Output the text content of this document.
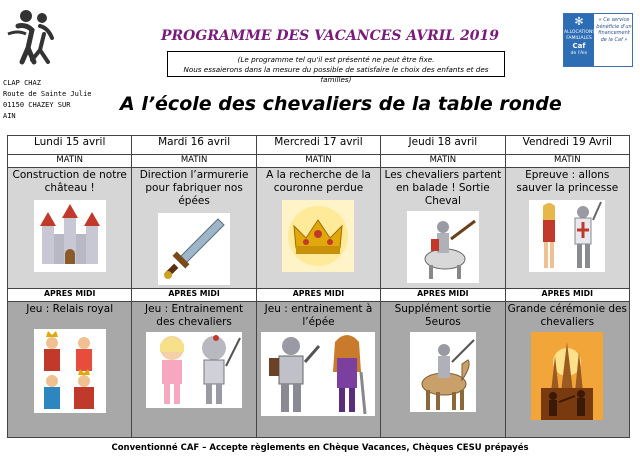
PROGRAMME DES VACANCES AVRIL 2019
(Le programme tel qu'il est présenté ne peut être fixe.
Nous essaierons dans la mesure du possible de satisfaire le choix des enfants et des familles)
✻
ALLOCATIONS FAMILIALES
Caf
de l'Ain
« Ce service bénéficie d'un financement de la Caf »
CLAP CHAZ
Route de Sainte Julie
01150 CHAZEY SUR
AIN
A l’école des chevaliers de la table ronde
Lundi 15 avril	Mardi 16 avril	Mercredi 17 avril	Jeudi 18 avril	Vendredi 19 Avril
MATIN	MATIN	MATIN	MATIN	MATIN

Construction de notre château !	Direction l’armurerie pour fabriquer nos épées	A la recherche de la couronne perdue	Les chevaliers partent en balade ! Sortie Cheval	Epreuve : allons sauver la princesse

APRES MIDI	APRES MIDI	APRES MIDI	APRES MIDI	APRES MIDI

Jeu : Relais royal	Jeu : Entrainement des chevaliers	Jeu : entrainement à l’épée	Supplément sortie 5euros	Grande cérémonie des chevaliers
Conventionné CAF – Accepte règlements en Chèque Vacances, Chèques CESU prépayés
